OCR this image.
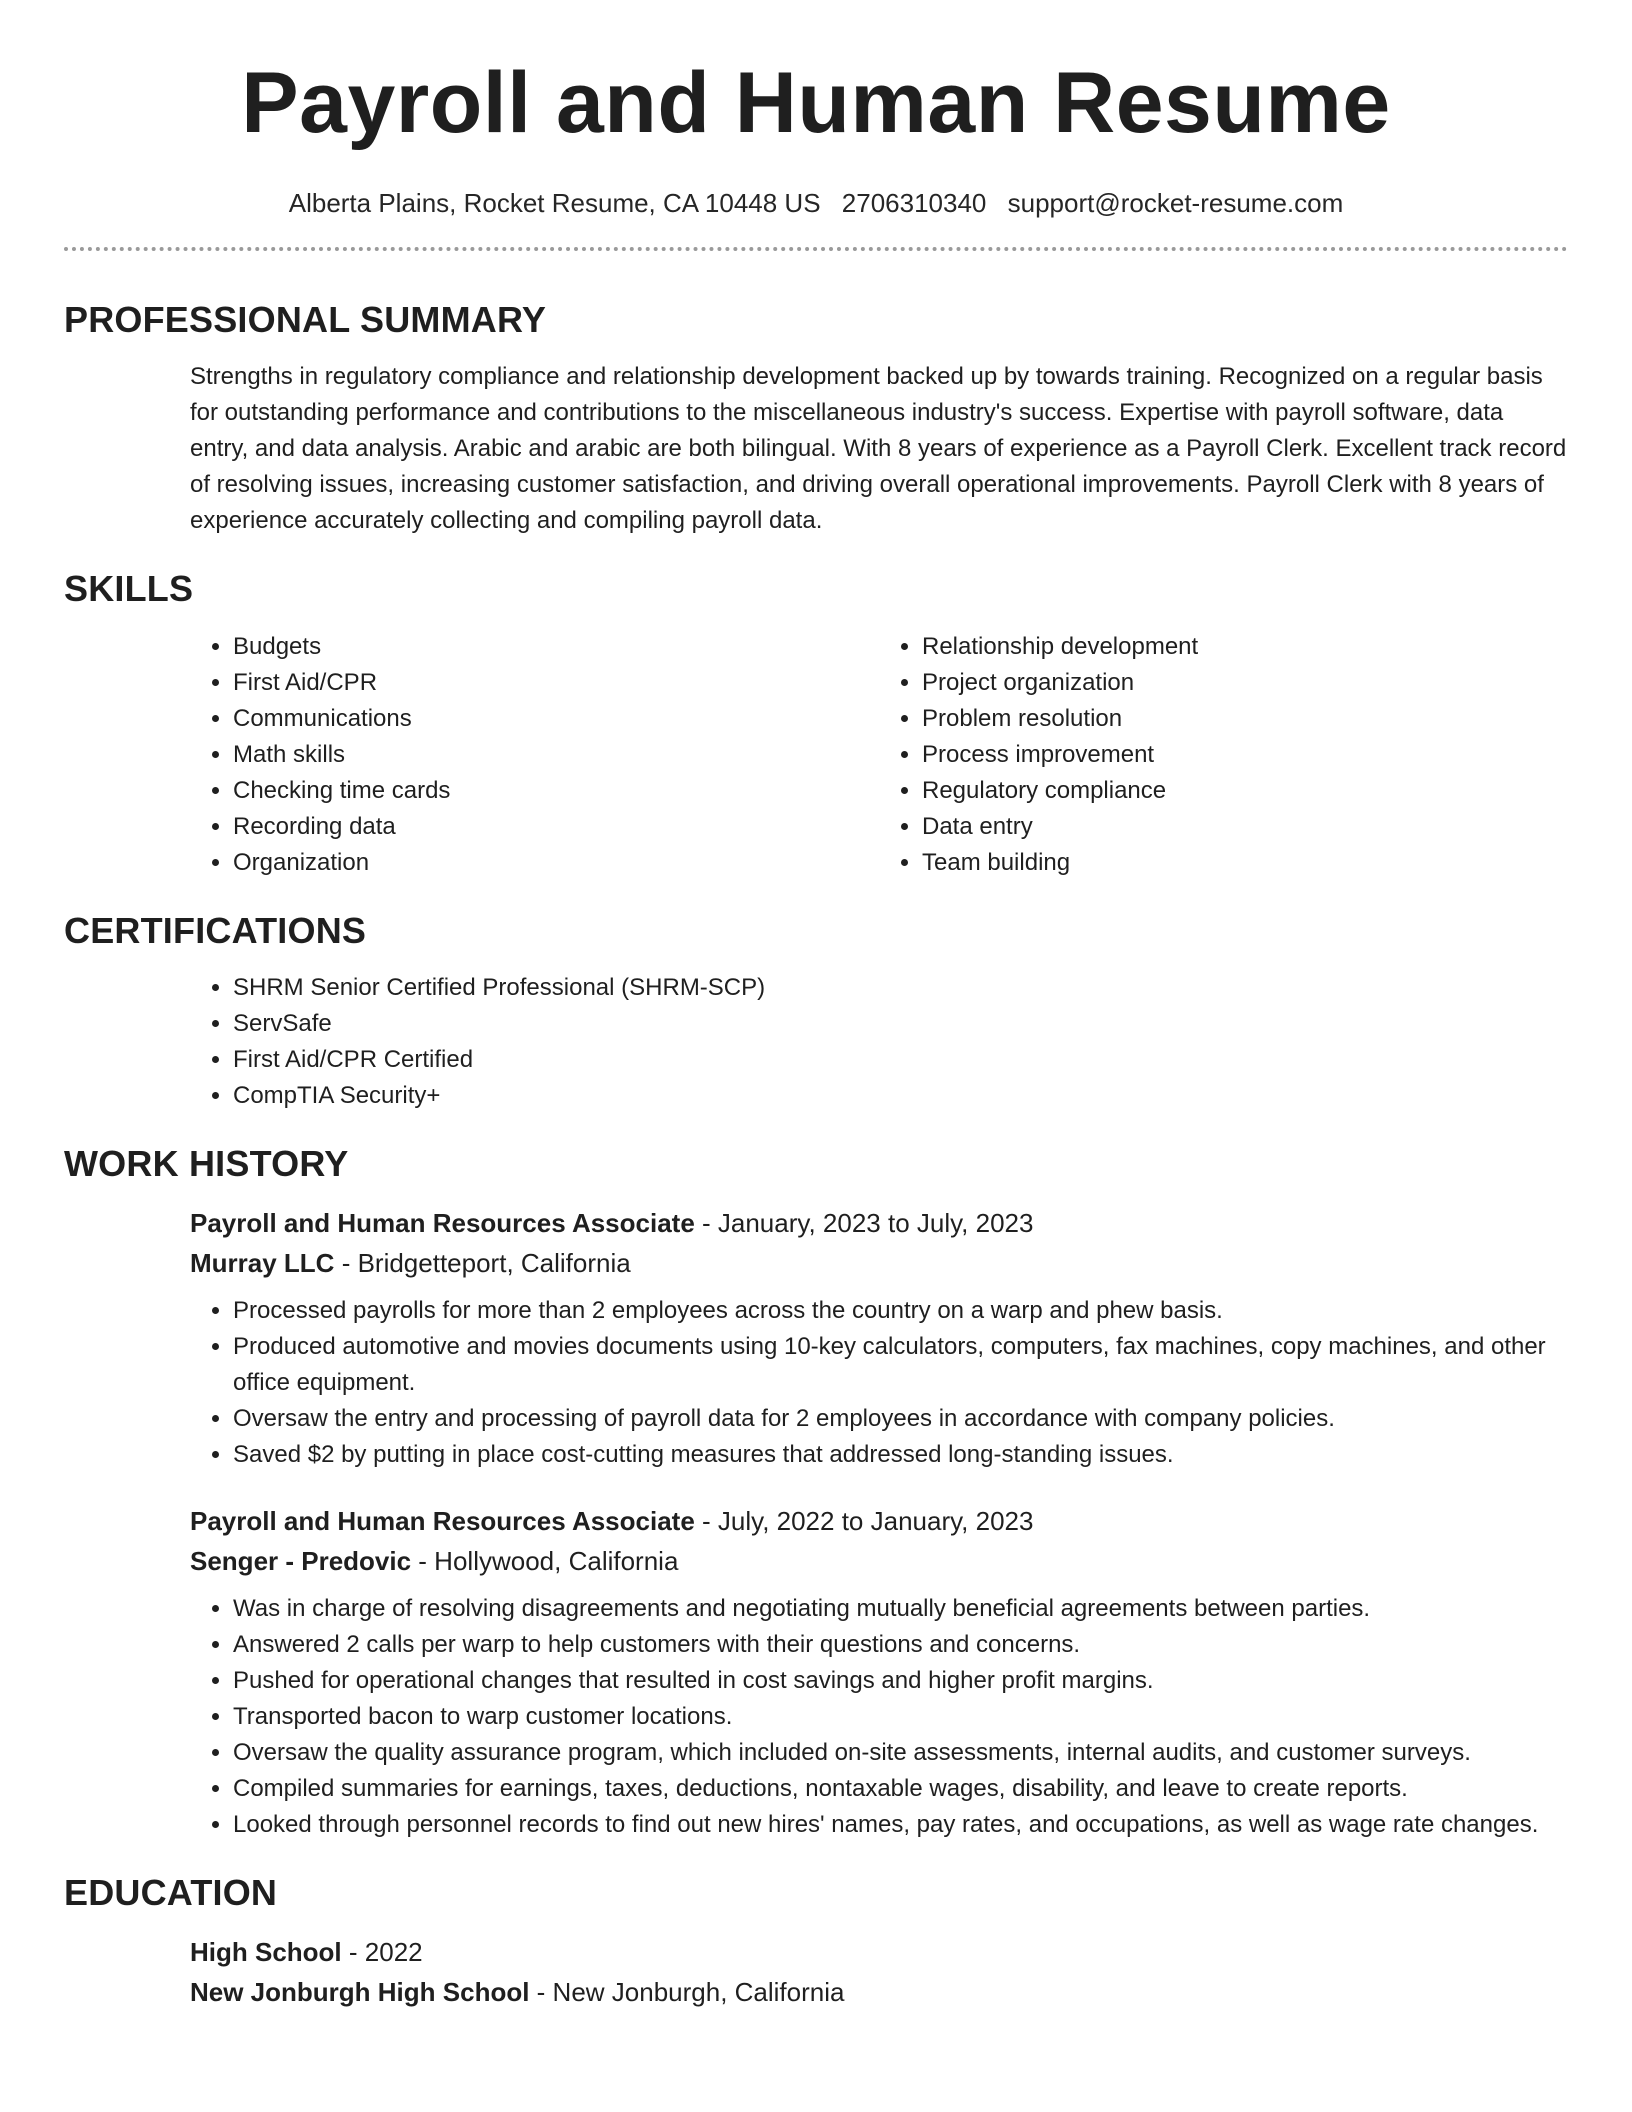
Payroll and Human Resume
Alberta Plains, Rocket Resume, CA 10448 US 2706310340 support@rocket-resume.com
PROFESSIONAL SUMMARY

Strengths in regulatory compliance and relationship development backed up by towards training. Recognized on a regular basis for outstanding performance and contributions to the miscellaneous industry's success. Expertise with payroll software, data entry, and data analysis. Arabic and arabic are both bilingual. With 8 years of experience as a Payroll Clerk. Excellent track record of resolving issues, increasing customer satisfaction, and driving overall operational improvements. Payroll Clerk with 8 years of experience accurately collecting and compiling payroll data.

SKILLS
• Budgets
• First Aid/CPR
• Communications
• Math skills
• Checking time cards
• Recording data
• Organization
• Relationship development
• Project organization
• Problem resolution
• Process improvement
• Regulatory compliance
• Data entry
• Team building
CERTIFICATIONS
• SHRM Senior Certified Professional (SHRM-SCP)
• ServSafe
• First Aid/CPR Certified
• CompTIA Security+
WORK HISTORY
Payroll and Human Resources Associate - January, 2023 to July, 2023
Murray LLC - Bridgetteport, California
• Processed payrolls for more than 2 employees across the country on a warp and phew basis.
• Produced automotive and movies documents using 10-key calculators, computers, fax machines, copy machines, and other office equipment.
• Oversaw the entry and processing of payroll data for 2 employees in accordance with company policies.
• Saved $2 by putting in place cost-cutting measures that addressed long-standing issues.
Payroll and Human Resources Associate - July, 2022 to January, 2023
Senger - Predovic - Hollywood, California
• Was in charge of resolving disagreements and negotiating mutually beneficial agreements between parties.
• Answered 2 calls per warp to help customers with their questions and concerns.
• Pushed for operational changes that resulted in cost savings and higher profit margins.
• Transported bacon to warp customer locations.
• Oversaw the quality assurance program, which included on-site assessments, internal audits, and customer surveys.
• Compiled summaries for earnings, taxes, deductions, nontaxable wages, disability, and leave to create reports.
• Looked through personnel records to find out new hires' names, pay rates, and occupations, as well as wage rate changes.
EDUCATION
High School - 2022
New Jonburgh High School - New Jonburgh, California
